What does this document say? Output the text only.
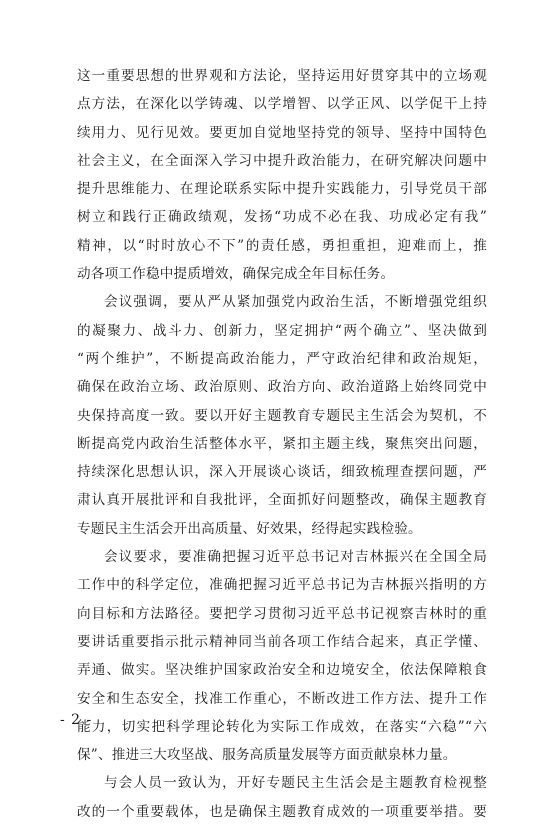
这一重要思想的世界观和方法论，坚持运用好贯穿其中的立场观
点方法，在深化以学铸魂、以学增智、以学正风、以学促干上持
续用力、见行见效。要更加自觉地坚持党的领导、坚持中国特色
社会主义，在全面深入学习中提升政治能力，在研究解决问题中
提升思维能力、在理论联系实际中提升实践能力，引导党员干部
树立和践行正确政绩观，发扬“功成不必在我、功成必定有我”
精神，以“时时放心不下”的责任感，勇担重担，迎难而上，推
动各项工作稳中提质增效，确保完成全年目标任务。
会议强调，要从严从紧加强党内政治生活，不断增强党组织
的凝聚力、战斗力、创新力，坚定拥护“两个确立”、坚决做到
“两个维护”，不断提高政治能力，严守政治纪律和政治规矩，
确保在政治立场、政治原则、政治方向、政治道路上始终同党中
央保持高度一致。要以开好主题教育专题民主生活会为契机，不
断提高党内政治生活整体水平，紧扣主题主线，聚焦突出问题，
持续深化思想认识，深入开展谈心谈话，细致梳理查摆问题，严
肃认真开展批评和自我批评，全面抓好问题整改，确保主题教育
专题民主生活会开出高质量、好效果，经得起实践检验。
会议要求，要准确把握习近平总书记对吉林振兴在全国全局
工作中的科学定位，准确把握习近平总书记为吉林振兴指明的方
向目标和方法路径。要把学习贯彻习近平总书记视察吉林时的重
要讲话重要指示批示精神同当前各项工作结合起来，真正学懂、
弄通、做实。坚决维护国家政治安全和边境安全，依法保障粮食
安全和生态安全，找准工作重心，不断改进工作方法、提升工作
能力，切实把科学理论转化为实际工作成效，在落实“六稳”“六
保”、推进三大攻坚战、服务高质量发展等方面贡献泉林力量。
与会人员一致认为，开好专题民主生活会是主题教育检视整
改的一个重要载体，也是确保主题教育成效的一项重要举措。要
- 2 -
